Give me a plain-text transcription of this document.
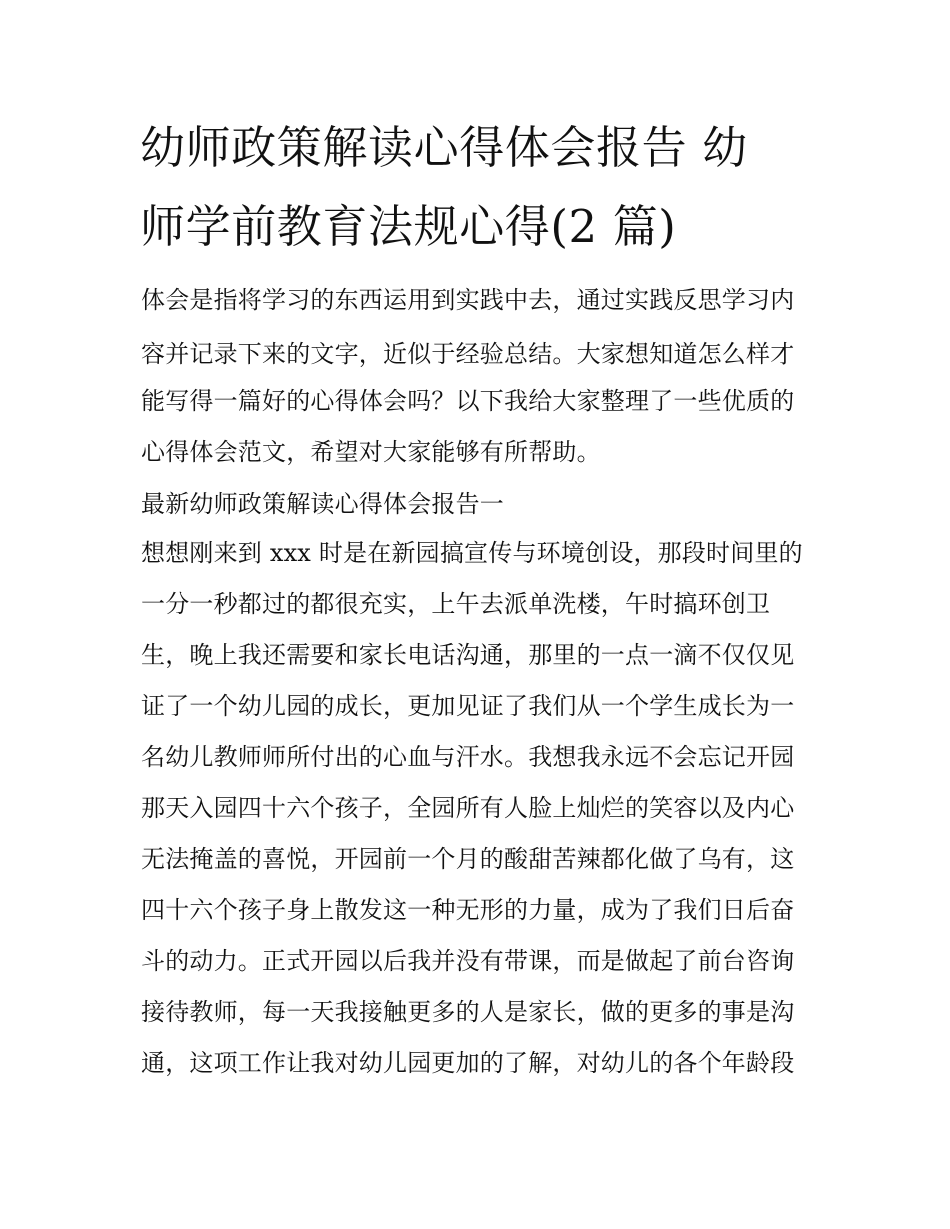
幼师政策解读心得体会报告 幼
师学前教育法规心得(2 篇)
体会是指将学习的东西运用到实践中去，通过实践反思学习内
容并记录下来的文字，近似于经验总结。大家想知道怎么样才
能写得一篇好的心得体会吗？以下我给大家整理了一些优质的
心得体会范文，希望对大家能够有所帮助。
最新幼师政策解读心得体会报告一
想想刚来到 xxx 时是在新园搞宣传与环境创设，那段时间里的
一分一秒都过的都很充实，上午去派单洗楼，午时搞环创卫
生，晚上我还需要和家长电话沟通，那里的一点一滴不仅仅见
证了一个幼儿园的成长，更加见证了我们从一个学生成长为一
名幼儿教师师所付出的心血与汗水。我想我永远不会忘记开园
那天入园四十六个孩子，全园所有人脸上灿烂的笑容以及内心
无法掩盖的喜悦，开园前一个月的酸甜苦辣都化做了乌有，这
四十六个孩子身上散发这一种无形的力量，成为了我们日后奋
斗的动力。正式开园以后我并没有带课，而是做起了前台咨询
接待教师，每一天我接触更多的人是家长，做的更多的事是沟
通，这项工作让我对幼儿园更加的了解，对幼儿的各个年龄段
